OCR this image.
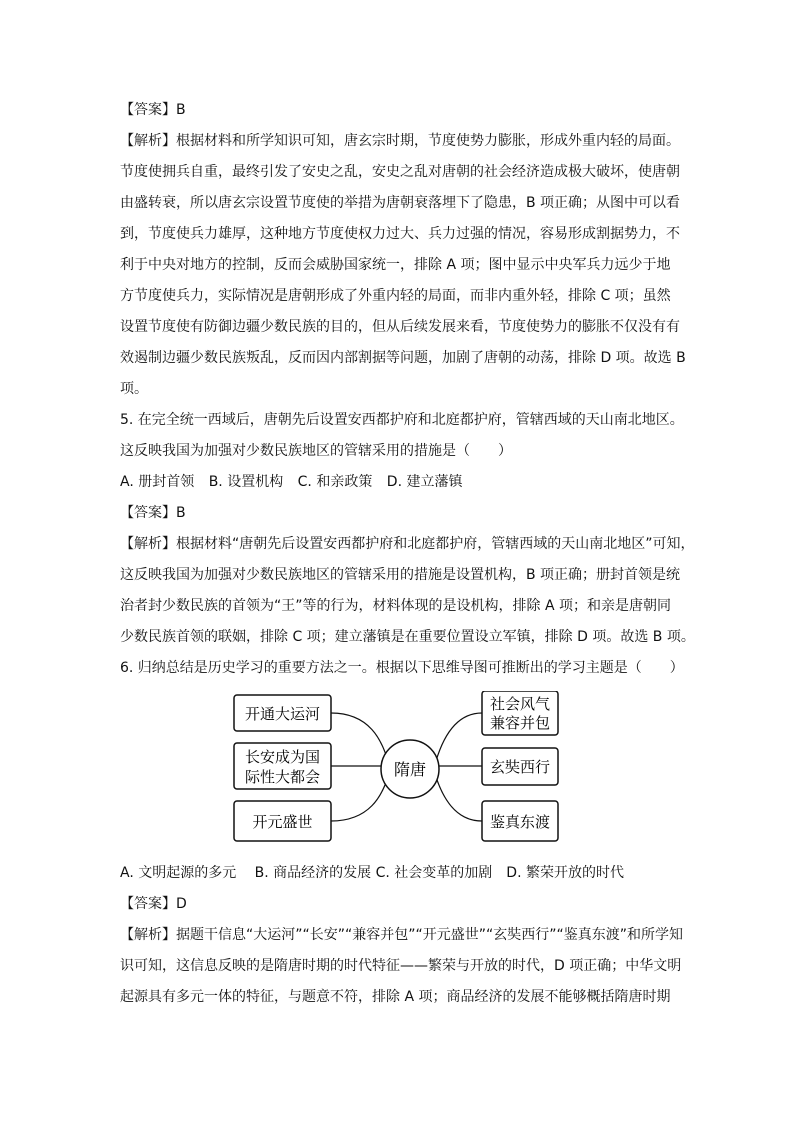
【答案】B
【解析】根据材料和所学知识可知，唐玄宗时期，节度使势力膨胀，形成外重内轻的局面。
节度使拥兵自重，最终引发了安史之乱，安史之乱对唐朝的社会经济造成极大破坏，使唐朝
由盛转衰，所以唐玄宗设置节度使的举措为唐朝衰落埋下了隐患，B 项正确；从图中可以看
到，节度使兵力雄厚，这种地方节度使权力过大、兵力过强的情况，容易形成割据势力，不
利于中央对地方的控制，反而会威胁国家统一，排除 A 项；图中显示中央军兵力远少于地
方节度使兵力，实际情况是唐朝形成了外重内轻的局面，而非内重外轻，排除 C 项；虽然
设置节度使有防御边疆少数民族的目的，但从后续发展来看，节度使势力的膨胀不仅没有有
效遏制边疆少数民族叛乱，反而因内部割据等问题，加剧了唐朝的动荡，排除 D 项。故选 B
项。
5. 在完全统一西域后，唐朝先后设置安西都护府和北庭都护府，管辖西域的天山南北地区。
这反映我国为加强对少数民族地区的管辖采用的措施是（　　）
A. 册封首领 B. 设置机构 C. 和亲政策 D. 建立藩镇
【答案】B
【解析】根据材料“唐朝先后设置安西都护府和北庭都护府，管辖西域的天山南北地区”可知，
这反映我国为加强对少数民族地区的管辖采用的措施是设置机构，B 项正确；册封首领是统
治者封少数民族的首领为“王”等的行为，材料体现的是设机构，排除 A 项；和亲是唐朝同
少数民族首领的联姻，排除 C 项；建立藩镇是在重要位置设立军镇，排除 D 项。故选 B 项。
6. 归纳总结是历史学习的重要方法之一。根据以下思维导图可推断出的学习主题是（　　）
隋唐
开通大运河
长安成为国
际性大都会
开元盛世
社会风气
兼容并包
玄奘西行
鉴真东渡
A. 文明起源的多元　 B. 商品经济的发展 C. 社会变革的加剧　D. 繁荣开放的时代
【答案】D
【解析】据题干信息“大运河”“长安”“兼容并包”“开元盛世”“玄奘西行”“鉴真东渡”和所学知
识可知，这信息反映的是隋唐时期的时代特征——繁荣与开放的时代，D 项正确；中华文明
起源具有多元一体的特征，与题意不符，排除 A 项；商品经济的发展不能够概括隋唐时期
